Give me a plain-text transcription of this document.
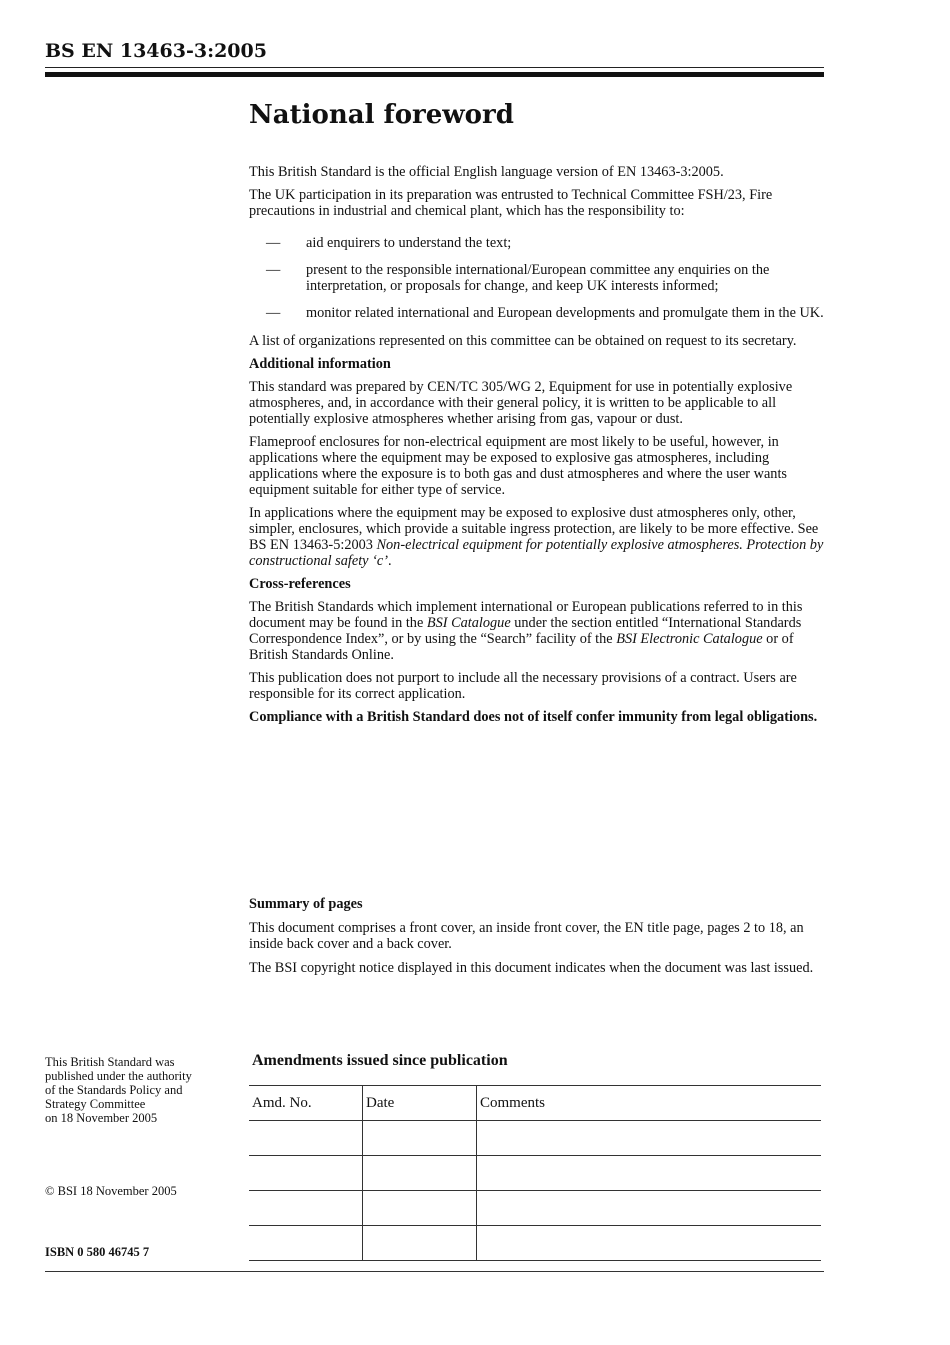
BS EN 13463-3:2005
National foreword

This British Standard is the official English language version of EN 13463-3:2005.

The UK participation in its preparation was entrusted to Technical Committee FSH/23, Fire precautions in industrial and chemical plant, which has the responsibility to:

—	aid enquirers to understand the text;
—	present to the responsible international/European committee any enquiries on the interpretation, or proposals for change, and keep UK interests informed;
—	monitor related international and European developments and promulgate them in the UK.

A list of organizations represented on this committee can be obtained on request to its secretary.

Additional information

This standard was prepared by CEN/TC 305/WG 2, Equipment for use in potentially explosive atmospheres, and, in accordance with their general policy, it is written to be applicable to all potentially explosive atmospheres whether arising from gas, vapour or dust.

Flameproof enclosures for non-electrical equipment are most likely to be useful, however, in applications where the equipment may be exposed to explosive gas atmospheres, including applications where the exposure is to both gas and dust atmospheres and where the user wants equipment suitable for either type of service.

In applications where the equipment may be exposed to explosive dust atmospheres only, other, simpler, enclosures, which provide a suitable ingress protection, are likely to be more effective. See BS EN 13463-5:2003 Non-electrical equipment for potentially explosive atmospheres. Protection by constructional safety ‘c’.

Cross-references

The British Standards which implement international or European publications referred to in this document may be found in the BSI Catalogue under the section entitled “International Standards Correspondence Index”, or by using the “Search” facility of the BSI Electronic Catalogue or of British Standards Online.

This publication does not purport to include all the necessary provisions of a contract. Users are responsible for its correct application.

Compliance with a British Standard does not of itself confer immunity from legal obligations.

Summary of pages

This document comprises a front cover, an inside front cover, the EN title page, pages 2 to 18, an inside back cover and a back cover.

The BSI copyright notice displayed in this document indicates when the document was last issued.

This British Standard was
published under the authority
of the Standards Policy and
Strategy Committee
on 18 November 2005
© BSI 18 November 2005
ISBN 0 580 46745 7
Amendments issued since publication
Amd. No.	Date	Comments
